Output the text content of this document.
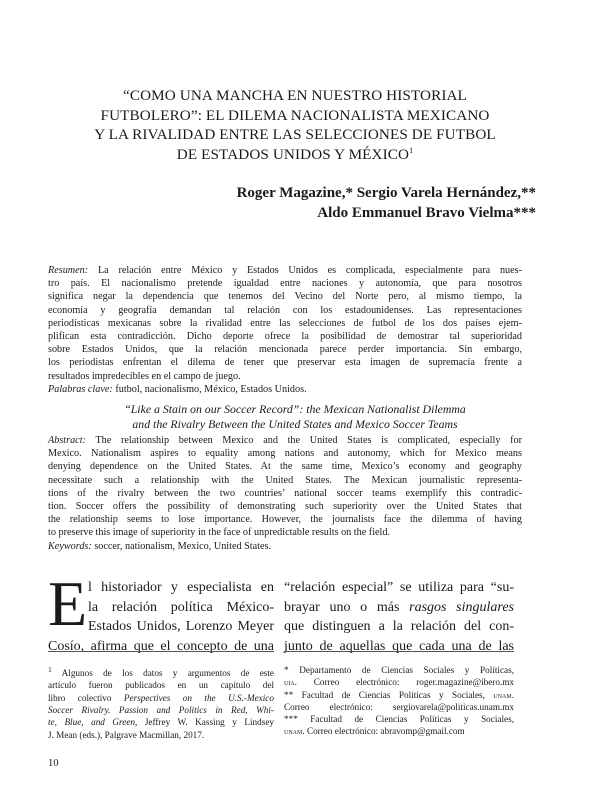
“COMO UNA MANCHA EN NUESTRO HISTORIAL
FUTBOLERO”: EL DILEMA NACIONALISTA MEXICANO
Y LA RIVALIDAD ENTRE LAS SELECCIONES DE FUTBOL
DE ESTADOS UNIDOS Y MÉXICO$^1$
Roger Magazine,* Sergio Varela Hernández,**
Aldo Emmanuel Bravo Vielma***
Resumen: La relación entre México y Estados Unidos es complicada, especialmente para nues-
tro país. El nacionalismo pretende igualdad entre naciones y autonomía, que para nosotros
significa negar la dependencia que tenemos del Vecino del Norte pero, al mismo tiempo, la
economía y geografía demandan tal relación con los estadounidenses. Las representaciones
periodísticas mexicanas sobre la rivalidad entre las selecciones de futbol de los dos países ejem-
plifican esta contradicción. Dicho deporte ofrece la posibilidad de demostrar tal superioridad
sobre Estados Unidos, que la relación mencionada parece perder importancia. Sin embargo,
los periodistas enfrentan el dilema de tener que preservar esta imagen de supremacía frente a
resultados impredecibles en el campo de juego.
Palabras clave: futbol, nacionalismo, México, Estados Unidos.
“Like a Stain on our Soccer Record”: the Mexican Nationalist Dilemma
and the Rivalry Between the United States and Mexico Soccer Teams
Abstract: The relationship between Mexico and the United States is complicated, especially for
Mexico. Nationalism aspires to equality among nations and autonomy, which for Mexico means
denying dependence on the United States. At the same time, Mexico’s economy and geography
necessitate such a relationship with the United States. The Mexican journalistic representa-
tions of the rivalry between the two countries’ national soccer teams exemplify this contradic-
tion. Soccer offers the possibility of demonstrating such superiority over the United States that
the relationship seems to lose importance. However, the journalists face the dilemma of having
to preserve this image of superiority in the face of unpredictable results on the field.
Keywords: soccer, nationalism, Mexico, United States.
E l historiador y especialista en
la relación política México-
Estados Unidos, Lorenzo Meyer
Cosío, afirma que el concepto de una
“relación especial” se utiliza para “su-
brayar uno o más rasgos singulares
que distinguen a la relación del con-
junto de aquellas que cada una de las
$^1$ Algunos de los datos y argumentos de este
artículo fueron publicados en un capítulo del
libro colectivo Perspectives on the U.S.-Mexico
Soccer Rivalry. Passion and Politics in Red, Whi-
te, Blue, and Green, Jeffrey W. Kassing y Lindsey
J. Mean (eds.), Palgrave Macmillan, 2017.
* Departamento de Ciencias Sociales y Políticas,
uia. Correo electrónico: roger.magazine@ibero.mx
** Facultad de Ciencias Políticas y Sociales, unam.
Correo electrónico: sergiovarela@politicas.unam.mx
*** Facultad de Ciencias Políticas y Sociales,
unam. Correo electrónico: abravomp@gmail.com
10
